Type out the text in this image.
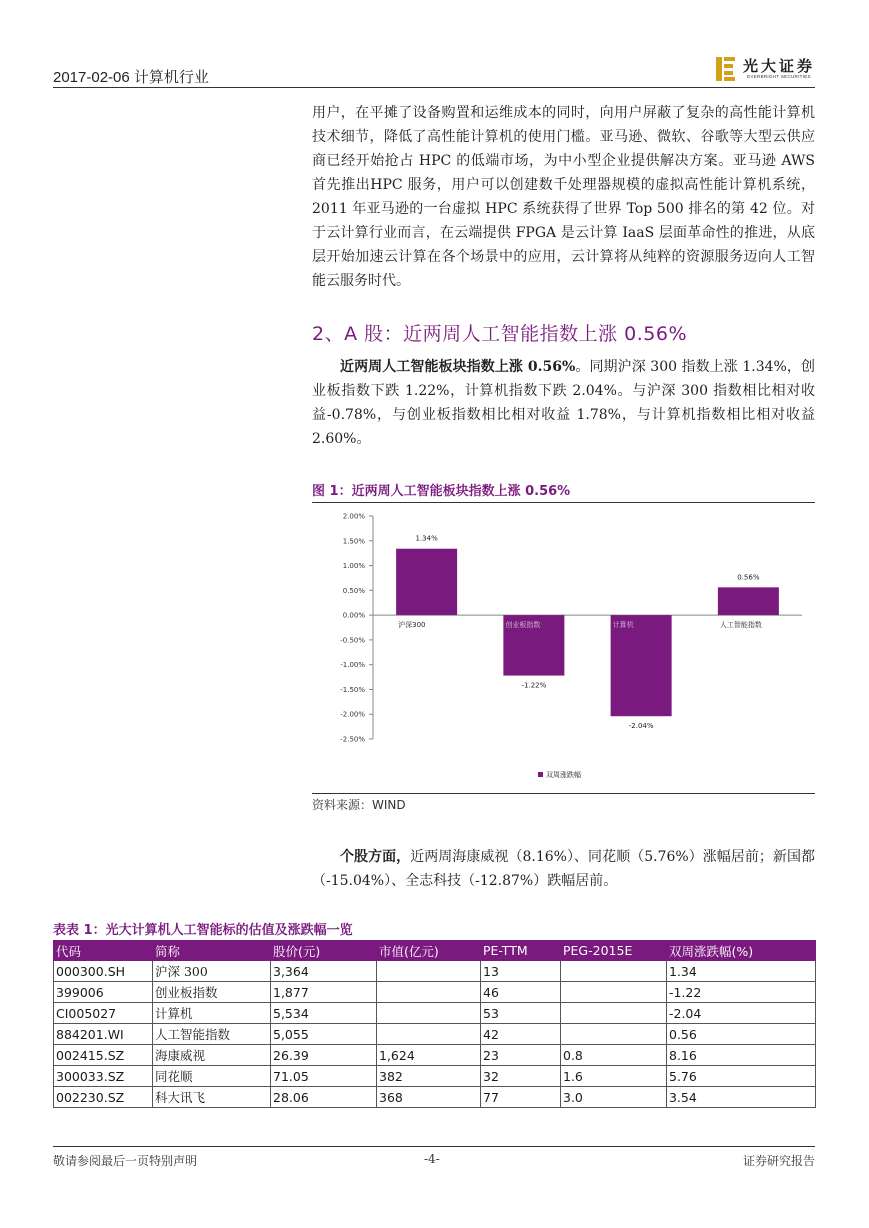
2017-02-06 计算机行业
光大证券
EVERBRIGHT SECURITIES

用户，在平摊了设备购置和运维成本的同时，向用户屏蔽了复杂的高性能计算机技术细节，降低了高性能计算机的使用门槛。亚马逊、微软、谷歌等大型云供应商已经开始抢占 HPC 的低端市场，为中小型企业提供解决方案。亚马逊 AWS 首先推出HPC 服务，用户可以创建数千处理器规模的虚拟高性能计算机系统，2011 年亚马逊的一台虚拟 HPC 系统获得了世界 Top 500 排名的第 42 位。对于云计算行业而言，在云端提供 FPGA 是云计算 IaaS 层面革命性的推进，从底层开始加速云计算在各个场景中的应用，云计算将从纯粹的资源服务迈向人工智能云服务时代。

2、A 股：近两周人工智能指数上涨 0.56%

近两周人工智能板块指数上涨 0.56%。同期沪深 300 指数上涨 1.34%，创业板指数下跌 1.22%，计算机指数下跌 2.04%。与沪深 300 指数相比相对收益-0.78%，与创业板指数相比相对收益 1.78%，与计算机指数相比相对收益 2.60%。

图 1：近两周人工智能板块指数上涨 0.56%
2.00%
1.50%
1.00%
0.50%
0.00%
-0.50%
-1.00%
-1.50%
-2.00%
-2.50%
1.34%
沪深300
-1.22%
创业板指数
-2.04%
计算机
0.56%
人工智能指数
双周涨跌幅
资料来源：WIND

个股方面，近两周海康威视（8.16%）、同花顺（5.76%）涨幅居前；新国都（-15.04%）、全志科技（-12.87%）跌幅居前。

表表 1：光大计算机人工智能标的估值及涨跌幅一览
代码	简称	股价(元)	市值(亿元)	PE-TTM	PEG-2015E	双周涨跌幅(%)
000300.SH	沪深 300	3,364		13		1.34
399006	创业板指数	1,877		46		-1.22
CI005027	计算机	5,534		53		-2.04
884201.WI	人工智能指数	5,055		42		0.56
002415.SZ	海康威视	26.39	1,624	23	0.8	8.16
300033.SZ	同花顺	71.05	382	32	1.6	5.76
002230.SZ	科大讯飞	28.06	368	77	3.0	3.54
敬请参阅最后一页特别声明	-4-	证券研究报告
